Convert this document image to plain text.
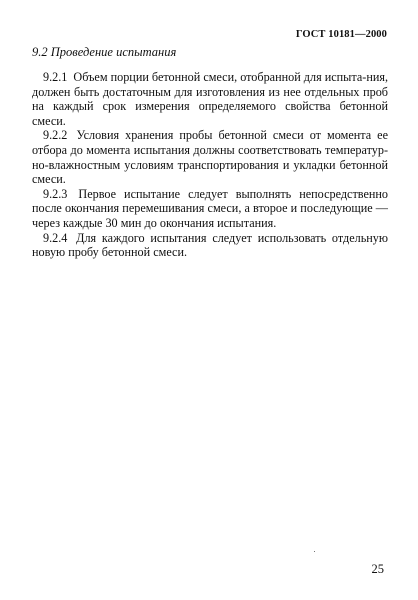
ГОСТ 10181—2000
9.2 Проведение испытания

9.2.1 Объем порции бетонной смеси, отобранной для испыта-ния, должен быть достаточным для изготовления из нее отдельных проб на каждый срок измерения определяемого свойства бетонной смеси.

9.2.2 Условия хранения пробы бетонной смеси от момента ее отбора до момента испытания должны соответствовать температур-но-влажностным условиям транспортирования и укладки бетонной смеси.

9.2.3 Первое испытание следует выполнять непосредственно после окончания перемешивания смеси, а второе и последующие — через каждые 30 мин до окончания испытания.

9.2.4 Для каждого испытания следует использовать отдельную новую пробу бетонной смеси.

25
